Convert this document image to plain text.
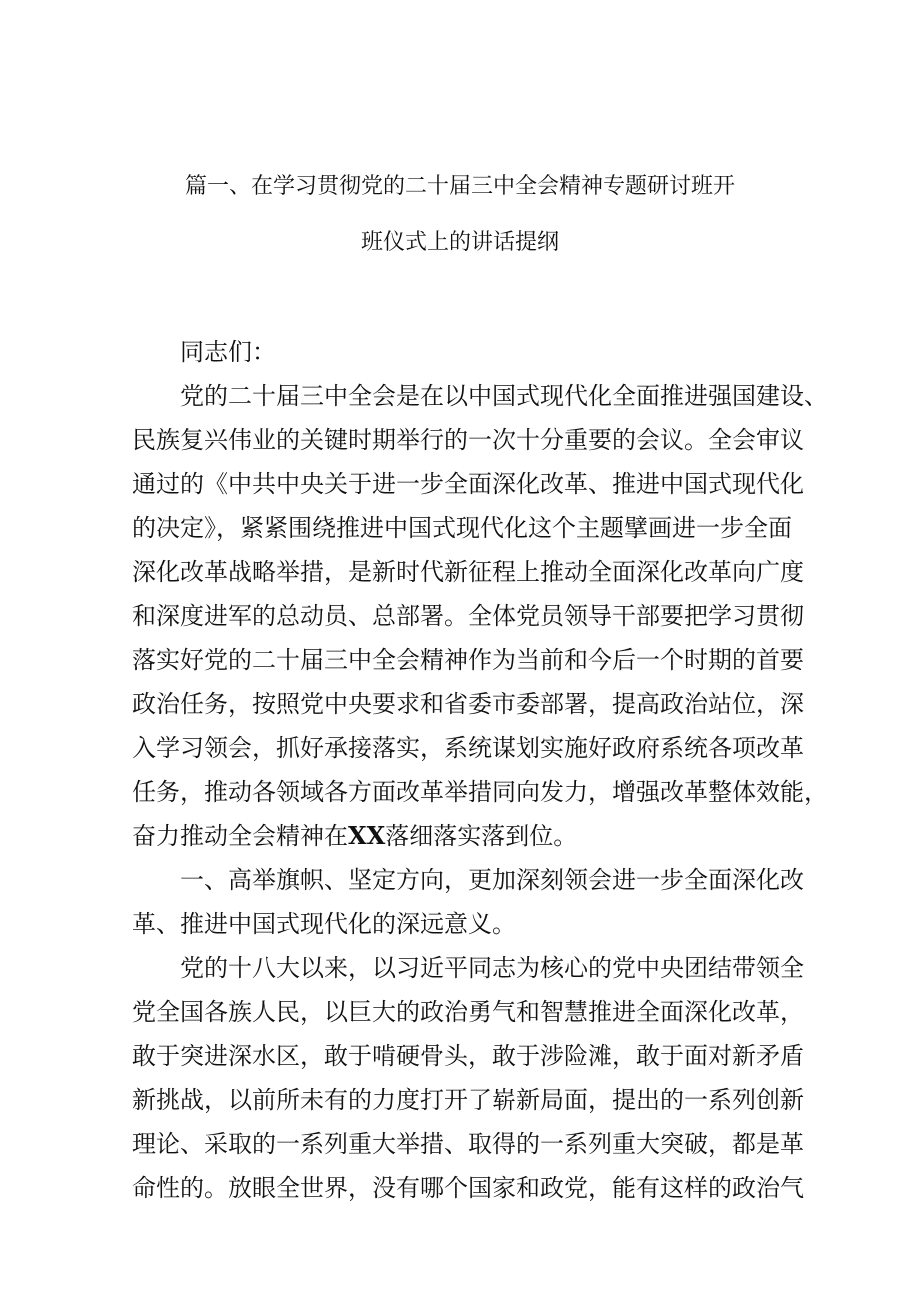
篇一、在学习贯彻党的二十届三中全会精神专题研讨班开
班仪式上的讲话提纲
同志们：
党的二十届三中全会是在以中国式现代化全面推进强国建设、
民族复兴伟业的关键时期举行的一次十分重要的会议。全会审议
通过的《中共中央关于进一步全面深化改革、推进中国式现代化
的决定》，紧紧围绕推进中国式现代化这个主题擘画进一步全面
深化改革战略举措，是新时代新征程上推动全面深化改革向广度
和深度进军的总动员、总部署。全体党员领导干部要把学习贯彻
落实好党的二十届三中全会精神作为当前和今后一个时期的首要
政治任务，按照党中央要求和省委市委部署，提高政治站位，深
入学习领会，抓好承接落实，系统谋划实施好政府系统各项改革
任务，推动各领域各方面改革举措同向发力，增强改革整体效能，
奋力推动全会精神在XX落细落实落到位。
一、高举旗帜、坚定方向，更加深刻领会进一步全面深化改
革、推进中国式现代化的深远意义。
党的十八大以来，以习近平同志为核心的党中央团结带领全
党全国各族人民，以巨大的政治勇气和智慧推进全面深化改革，
敢于突进深水区，敢于啃硬骨头，敢于涉险滩，敢于面对新矛盾
新挑战，以前所未有的力度打开了崭新局面，提出的一系列创新
理论、采取的一系列重大举措、取得的一系列重大突破，都是革
命性的。放眼全世界，没有哪个国家和政党，能有这样的政治气
